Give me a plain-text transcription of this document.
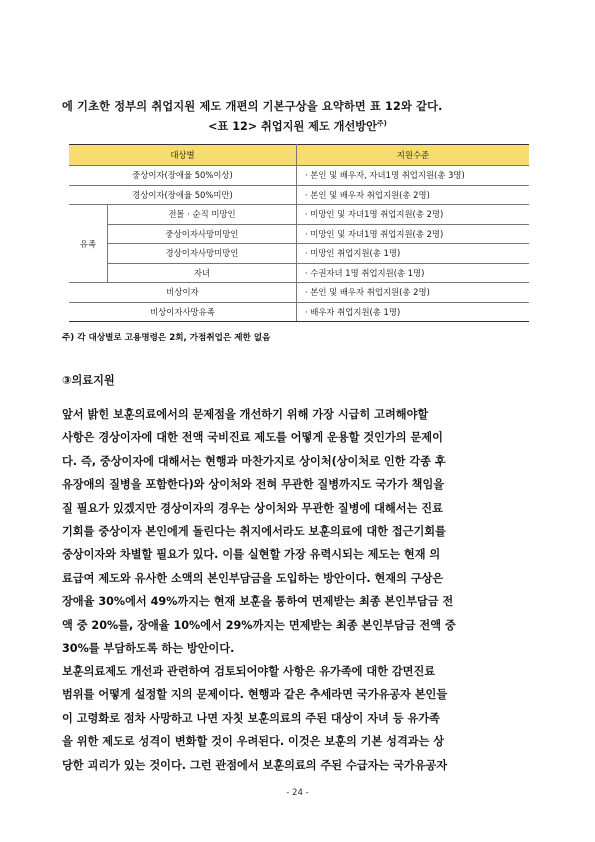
에 기초한 정부의 취업지원 제도 개편의 기본구상을 요약하면 표 12와 같다.
<표 12> 취업지원 제도 개선방안$^{주)}$
대상별		지원수준
중상이자(장애율 50%이상)		· 본인 및 배우자, 자녀1명 취업지원(총 3명)
경상이자(장애율 50%미만)		· 본인 및 배우자 취업지원(총 2명)
유족	전몰 · 순직 미망인	· 미망인 및 자녀1명 취업지원(총 2명)
	중상이자사망미망인	· 미망인 및 자녀1명 취업지원(총 2명)
	경상이자사망미망인	· 미망인 취업지원(총 1명)
	자녀	· 수권자녀 1명 취업지원(총 1명)
비상이자		· 본인 및 배우자 취업지원(총 2명)
비상이자사망유족		· 배우자 취업지원(총 1명)
주) 각 대상별로 고용명령은 2회, 가점취업은 제한 없음
③의료지원
앞서 밝힌 보훈의료에서의 문제점을 개선하기 위해 가장 시급히 고려해야할
사항은 경상이자에 대한 전액 국비진료 제도를 어떻게 운용할 것인가의 문제이
다. 즉, 중상이자에 대해서는 현행과 마찬가지로 상이처(상이처로 인한 각종 후
유장애의 질병을 포함한다)와 상이처와 전혀 무관한 질병까지도 국가가 책임을
질 필요가 있겠지만 경상이자의 경우는 상이처와 무관한 질병에 대해서는 진료
기회를 중상이자 본인에게 돌린다는 취지에서라도 보훈의료에 대한 접근기회를
중상이자와 차별할 필요가 있다. 이를 실현할 가장 유력시되는 제도는 현재 의
료급여 제도와 유사한 소액의 본인부담금을 도입하는 방안이다. 현재의 구상은
장애율 30%에서 49%까지는 현재 보훈을 통하여 면제받는 최종 본인부담금 전
액 중 20%를, 장애율 10%에서 29%까지는 면제받는 최종 본인부담금 전액 중
30%를 부담하도록 하는 방안이다.
보훈의료제도 개선과 관련하여 검토되어야할 사항은 유가족에 대한 감면진료
범위를 어떻게 설정할 지의 문제이다. 현행과 같은 추세라면 국가유공자 본인들
이 고령화로 점차 사망하고 나면 자칫 보훈의료의 주된 대상이 자녀 등 유가족
을 위한 제도로 성격이 변화할 것이 우려된다. 이것은 보훈의 기본 성격과는 상
당한 괴리가 있는 것이다. 그런 관점에서 보훈의료의 주된 수급자는 국가유공자
- 24 -
